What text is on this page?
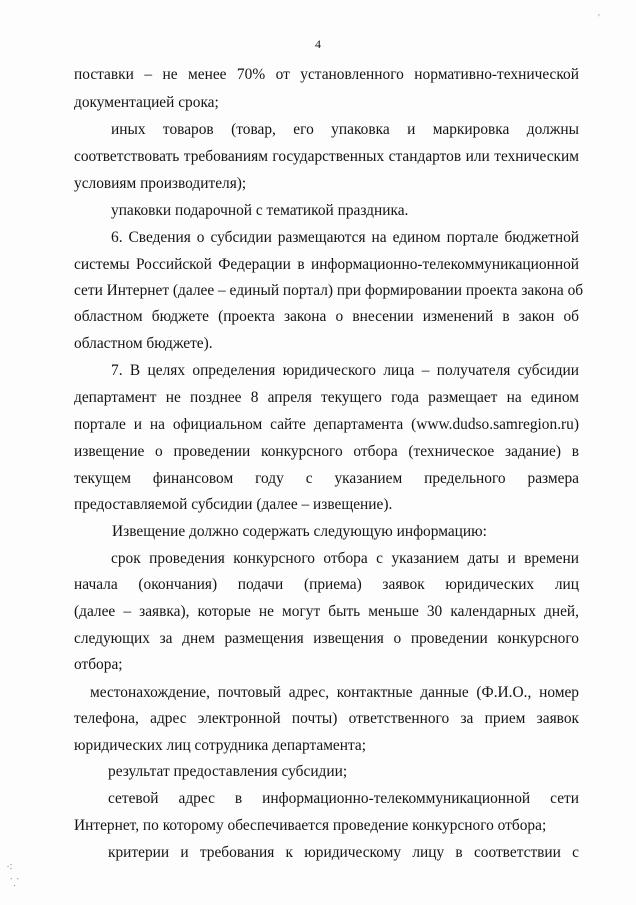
4
поставки – не менее 70% от установленного нормативно-технической
документацией срока;
иных товаров (товар, его упаковка и маркировка должны
соответствовать требованиям государственных стандартов или техническим
условиям производителя);
упаковки подарочной с тематикой праздника.
6. Сведения о субсидии размещаются на едином портале бюджетной
системы Российской Федерации в информационно-телекоммуникационной
сети Интернет (далее – единый портал) при формировании проекта закона об
областном бюджете (проекта закона о внесении изменений в закон об
областном бюджете).
7. В целях определения юридического лица – получателя субсидии
департамент не позднее 8 апреля текущего года размещает на едином
портале и на официальном сайте департамента (www.dudso.samregion.ru)
извещение о проведении конкурсного отбора (техническое задание) в
текущем финансовом году с указанием предельного размера
предоставляемой субсидии (далее – извещение).
Извещение должно содержать следующую информацию:
срок проведения конкурсного отбора с указанием даты и времени
начала (окончания) подачи (приема) заявок юридических лиц
(далее – заявка), которые не могут быть меньше 30 календарных дней,
следующих за днем размещения извещения о проведении конкурсного
отбора;
местонахождение, почтовый адрес, контактные данные (Ф.И.О., номер
телефона, адрес электронной почты) ответственного за прием заявок
юридических лиц сотрудника департамента;
результат предоставления субсидии;
сетевой адрес в информационно-телекоммуникационной сети
Интернет, по которому обеспечивается проведение конкурсного отбора;
критерии и требования к юридическому лицу в соответствии с
'
⁖
⸪
